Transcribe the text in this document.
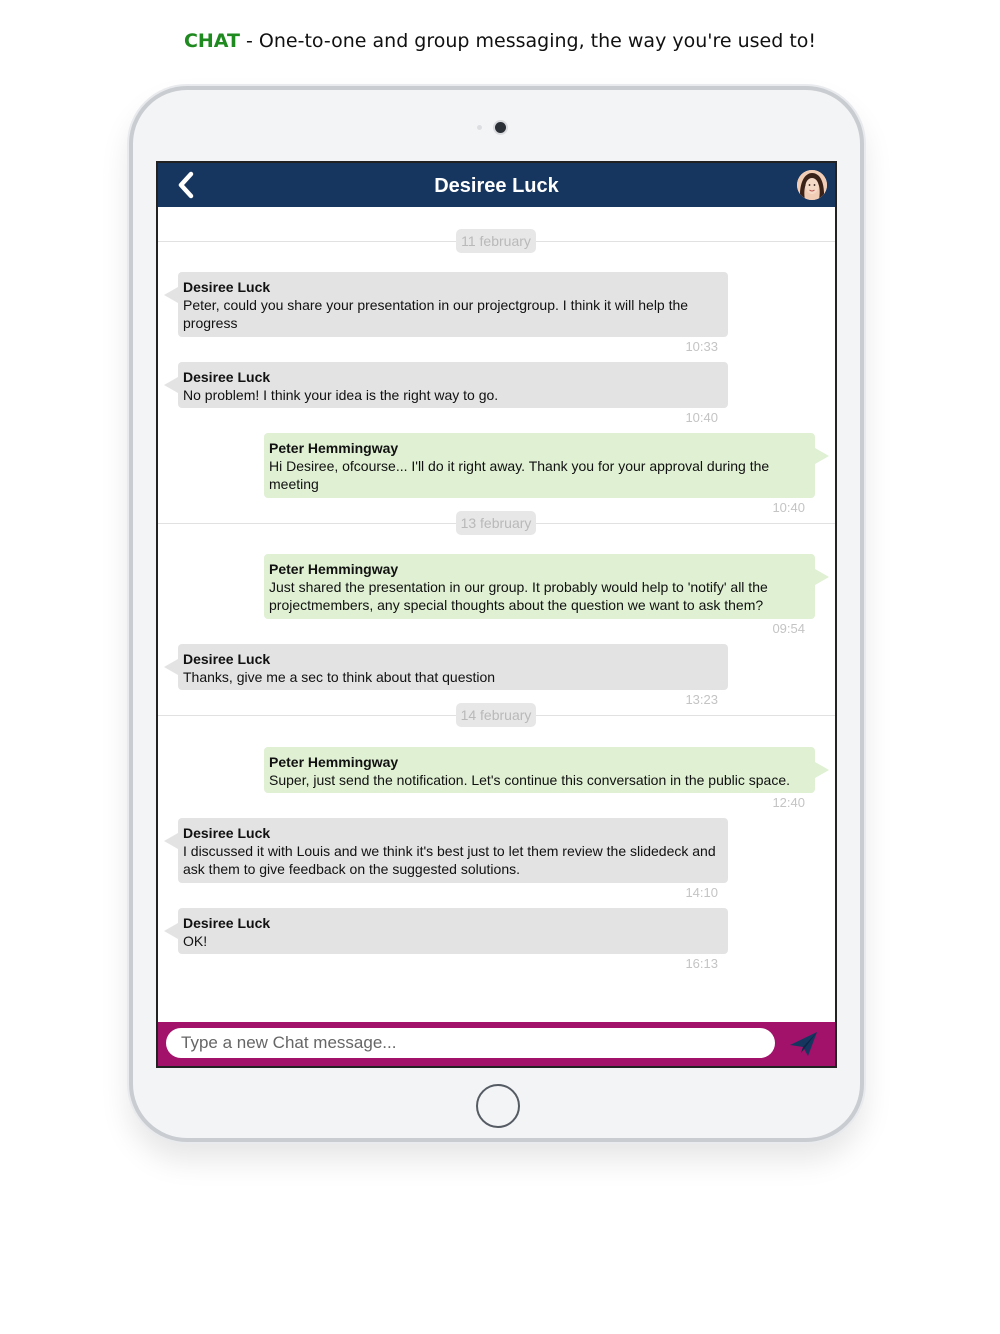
CHAT - One-to-one and group messaging, the way you're used to!
Desiree Luck
11 february
Desiree Luck
Peter, could you share your presentation in our projectgroup. I think it will help the progress
10:33
Desiree Luck
No problem! I think your idea is the right way to go.
10:40
Peter Hemmingway
Hi Desiree, ofcourse... I'll do it right away. Thank you for your approval during the meeting
10:40
13 february
Peter Hemmingway
Just shared the presentation in our group. It probably would help to 'notify' all the projectmembers, any special thoughts about the question we want to ask them?
09:54
Desiree Luck
Thanks, give me a sec to think about that question
13:23
14 february
Peter Hemmingway
Super, just send the notification. Let's continue this conversation in the public space.
12:40
Desiree Luck
I discussed it with Louis and we think it's best just to let them review the slidedeck and ask them to give feedback on the suggested solutions.
14:10
Desiree Luck
OK!
16:13
Type a new Chat message...
